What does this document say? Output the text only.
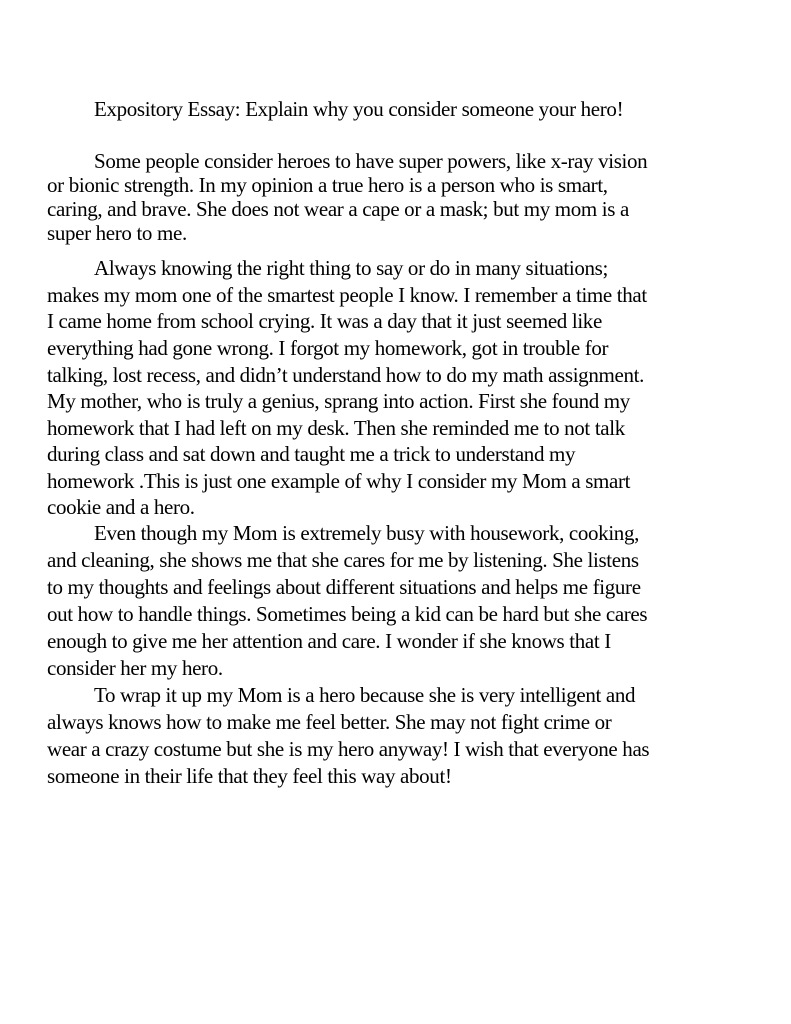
Expository Essay: Explain why you consider someone your hero!
Some people consider heroes to have super powers, like x-ray vision
or bionic strength. In my opinion a true hero is a person who is smart,
caring, and brave. She does not wear a cape or a mask; but my mom is a
super hero to me.
Always knowing the right thing to say or do in many situations;
makes my mom one of the smartest people I know. I remember a time that
I came home from school crying. It was a day that it just seemed like
everything had gone wrong. I forgot my homework, got in trouble for
talking, lost recess, and didn’t understand how to do my math assignment.
My mother, who is truly a genius, sprang into action. First she found my
homework that I had left on my desk. Then she reminded me to not talk
during class and sat down and taught me a trick to understand my
homework .This is just one example of why I consider my Mom a smart
cookie and a hero.
Even though my Mom is extremely busy with housework, cooking,
and cleaning, she shows me that she cares for me by listening. She listens
to my thoughts and feelings about different situations and helps me figure
out how to handle things. Sometimes being a kid can be hard but she cares
enough to give me her attention and care. I wonder if she knows that I
consider her my hero.
To wrap it up my Mom is a hero because she is very intelligent and
always knows how to make me feel better. She may not fight crime or
wear a crazy costume but she is my hero anyway! I wish that everyone has
someone in their life that they feel this way about!
